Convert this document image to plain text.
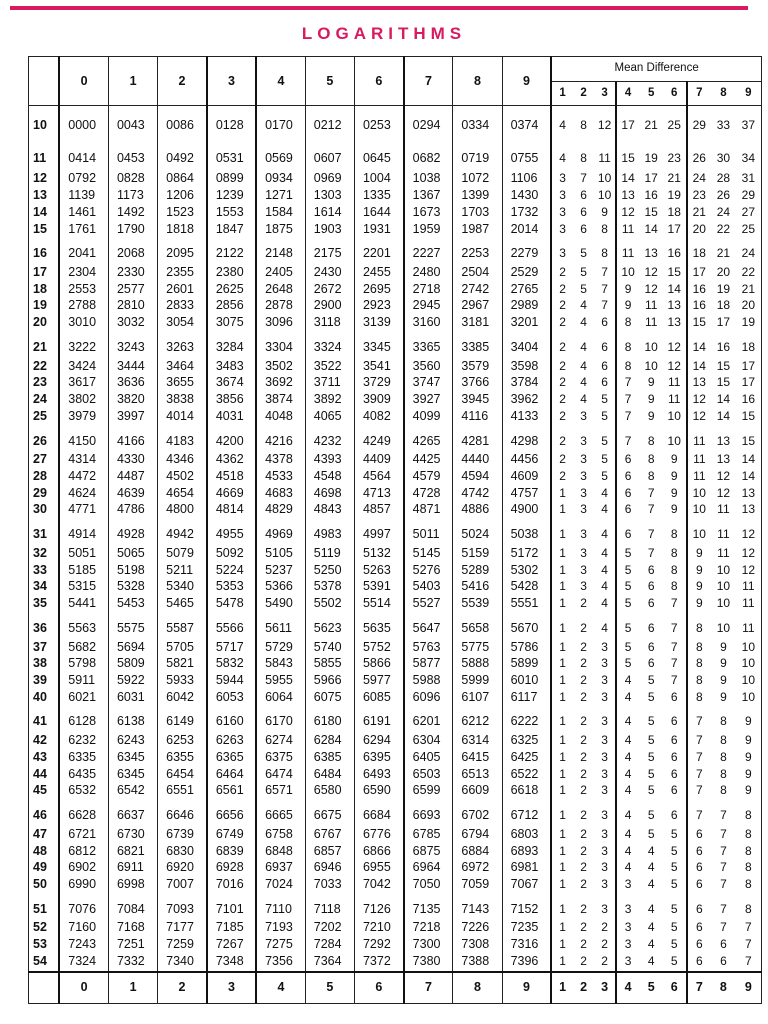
LOGARITHMS
	0	1	2	3	4	5	6	7	8	9	Mean Difference								
											1	2	3	4	5	6	7	8	9
10	0000	0043	0086	0128	0170	0212	0253	0294	0334	0374	4	8	12	17	21	25	29	33	37
11	0414	0453	0492	0531	0569	0607	0645	0682	0719	0755	4	8	11	15	19	23	26	30	34
12	0792	0828	0864	0899	0934	0969	1004	1038	1072	1106	3	7	10	14	17	21	24	28	31
13	1139	1173	1206	1239	1271	1303	1335	1367	1399	1430	3	6	10	13	16	19	23	26	29
14	1461	1492	1523	1553	1584	1614	1644	1673	1703	1732	3	6	9	12	15	18	21	24	27
15	1761	1790	1818	1847	1875	1903	1931	1959	1987	2014	3	6	8	11	14	17	20	22	25
16	2041	2068	2095	2122	2148	2175	2201	2227	2253	2279	3	5	8	11	13	16	18	21	24
17	2304	2330	2355	2380	2405	2430	2455	2480	2504	2529	2	5	7	10	12	15	17	20	22
18	2553	2577	2601	2625	2648	2672	2695	2718	2742	2765	2	5	7	9	12	14	16	19	21
19	2788	2810	2833	2856	2878	2900	2923	2945	2967	2989	2	4	7	9	11	13	16	18	20
20	3010	3032	3054	3075	3096	3118	3139	3160	3181	3201	2	4	6	8	11	13	15	17	19
21	3222	3243	3263	3284	3304	3324	3345	3365	3385	3404	2	4	6	8	10	12	14	16	18
22	3424	3444	3464	3483	3502	3522	3541	3560	3579	3598	2	4	6	8	10	12	14	15	17
23	3617	3636	3655	3674	3692	3711	3729	3747	3766	3784	2	4	6	7	9	11	13	15	17
24	3802	3820	3838	3856	3874	3892	3909	3927	3945	3962	2	4	5	7	9	11	12	14	16
25	3979	3997	4014	4031	4048	4065	4082	4099	4116	4133	2	3	5	7	9	10	12	14	15
26	4150	4166	4183	4200	4216	4232	4249	4265	4281	4298	2	3	5	7	8	10	11	13	15
27	4314	4330	4346	4362	4378	4393	4409	4425	4440	4456	2	3	5	6	8	9	11	13	14
28	4472	4487	4502	4518	4533	4548	4564	4579	4594	4609	2	3	5	6	8	9	11	12	14
29	4624	4639	4654	4669	4683	4698	4713	4728	4742	4757	1	3	4	6	7	9	10	12	13
30	4771	4786	4800	4814	4829	4843	4857	4871	4886	4900	1	3	4	6	7	9	10	11	13
31	4914	4928	4942	4955	4969	4983	4997	5011	5024	5038	1	3	4	6	7	8	10	11	12
32	5051	5065	5079	5092	5105	5119	5132	5145	5159	5172	1	3	4	5	7	8	9	11	12
33	5185	5198	5211	5224	5237	5250	5263	5276	5289	5302	1	3	4	5	6	8	9	10	12
34	5315	5328	5340	5353	5366	5378	5391	5403	5416	5428	1	3	4	5	6	8	9	10	11
35	5441	5453	5465	5478	5490	5502	5514	5527	5539	5551	1	2	4	5	6	7	9	10	11
36	5563	5575	5587	5566	5611	5623	5635	5647	5658	5670	1	2	4	5	6	7	8	10	11
37	5682	5694	5705	5717	5729	5740	5752	5763	5775	5786	1	2	3	5	6	7	8	9	10
38	5798	5809	5821	5832	5843	5855	5866	5877	5888	5899	1	2	3	5	6	7	8	9	10
39	5911	5922	5933	5944	5955	5966	5977	5988	5999	6010	1	2	3	4	5	7	8	9	10
40	6021	6031	6042	6053	6064	6075	6085	6096	6107	6117	1	2	3	4	5	6	8	9	10
41	6128	6138	6149	6160	6170	6180	6191	6201	6212	6222	1	2	3	4	5	6	7	8	9
42	6232	6243	6253	6263	6274	6284	6294	6304	6314	6325	1	2	3	4	5	6	7	8	9
43	6335	6345	6355	6365	6375	6385	6395	6405	6415	6425	1	2	3	4	5	6	7	8	9
44	6435	6345	6454	6464	6474	6484	6493	6503	6513	6522	1	2	3	4	5	6	7	8	9
45	6532	6542	6551	6561	6571	6580	6590	6599	6609	6618	1	2	3	4	5	6	7	8	9
46	6628	6637	6646	6656	6665	6675	6684	6693	6702	6712	1	2	3	4	5	6	7	7	8
47	6721	6730	6739	6749	6758	6767	6776	6785	6794	6803	1	2	3	4	5	5	6	7	8
48	6812	6821	6830	6839	6848	6857	6866	6875	6884	6893	1	2	3	4	4	5	6	7	8
49	6902	6911	6920	6928	6937	6946	6955	6964	6972	6981	1	2	3	4	4	5	6	7	8
50	6990	6998	7007	7016	7024	7033	7042	7050	7059	7067	1	2	3	3	4	5	6	7	8
51	7076	7084	7093	7101	7110	7118	7126	7135	7143	7152	1	2	3	3	4	5	6	7	8
52	7160	7168	7177	7185	7193	7202	7210	7218	7226	7235	1	2	2	3	4	5	6	7	7
53	7243	7251	7259	7267	7275	7284	7292	7300	7308	7316	1	2	2	3	4	5	6	6	7
54	7324	7332	7340	7348	7356	7364	7372	7380	7388	7396	1	2	2	3	4	5	6	6	7
	0	1	2	3	4	5	6	7	8	9	1	2	3	4	5	6	7	8	9
